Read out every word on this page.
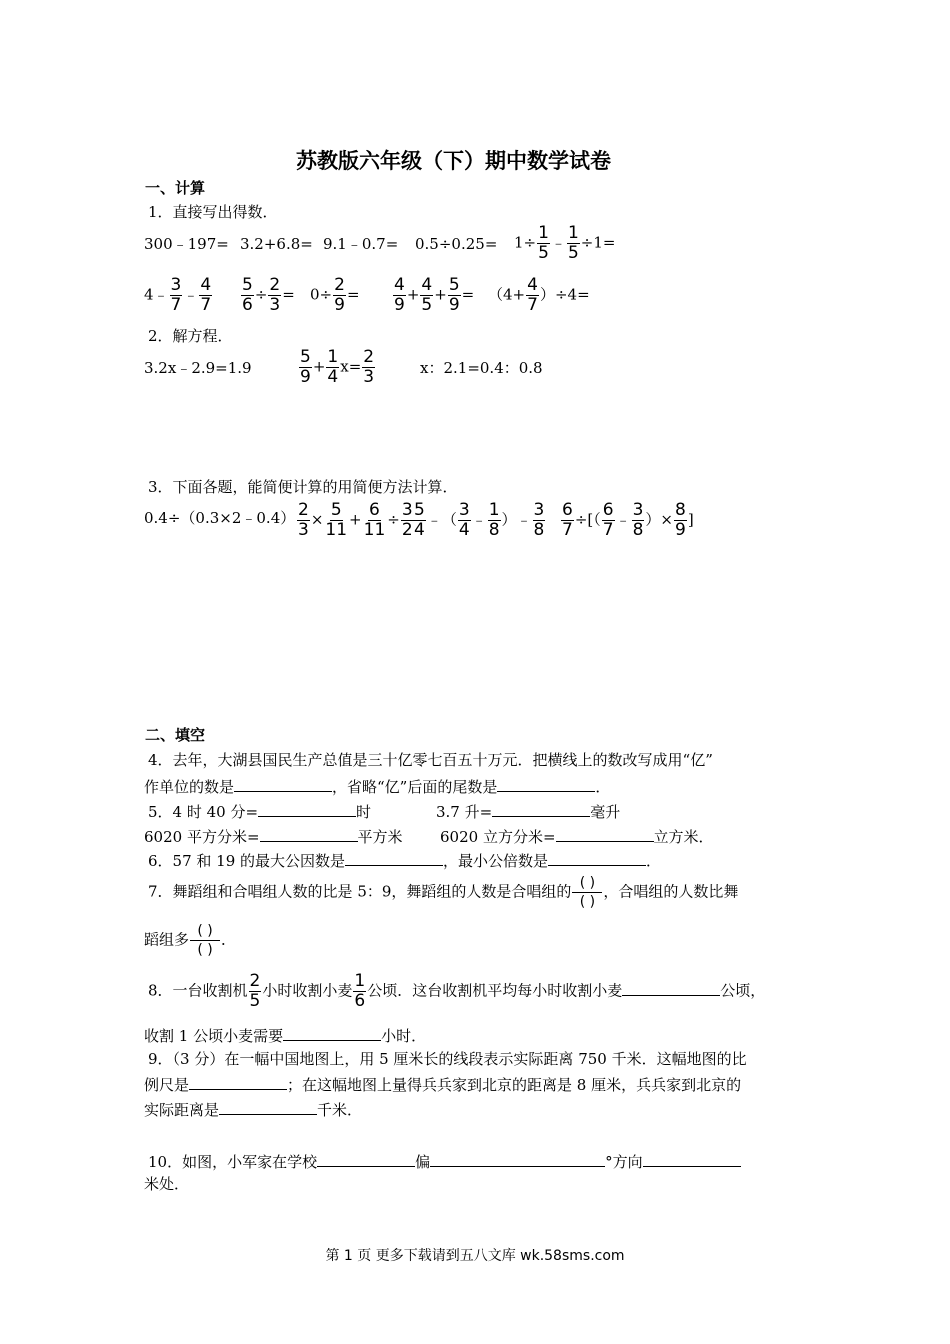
苏教版六年级（下）期中数学试卷
一、计算
1．直接写出得数．
300﹣197= 3.2+6.8= 9.1﹣0.7= $0.5\div 0.25= 1\div \frac{1}{5}$ ﹣ $\frac{1}{5} \div 1=$
4﹣ $\frac{3}{7}$ ﹣ $\frac{4}{7} \frac{5}{6} \div \frac{2}{3} = 0\div \frac{2}{9} = \frac{4}{9} + \frac{4}{5} + \frac{5}{9} = (4+ \frac{4}{7} )\div 4=$
2．解方程．
3.2x﹣2.9=1.9	$\frac{5}{9} + \frac{1}{4} x= \frac{2}{3}$	x：2.1=0.4：0.8
3．下面各题，能简便计算的用简便方法计算．
0.4÷（0.3×2﹣0.4） $\frac{2}{3} \times \frac{5}{11} + \frac{6}{11} \div \frac{3}{2} \frac{5}{4}$ ﹣（ $\frac{3}{4}$ ﹣ $\frac{1}{8}$ ）﹣ $\frac{3}{8} \frac{6}{7}$ ÷[（ $\frac{6}{7}$ ﹣ $\frac{3}{8}$ ）× $\frac{8}{9}$ ]
二、填空
4．去年，大湖县国民生产总值是三十亿零七百五十万元．把横线上的数改写成用“亿”
作单位的数是	，省略“亿”后面的尾数是	．
5．4 时 40 分=	时	3.7 升=	毫升
6020 平方分米=	平方米 6020 立方分米=	立方米．
6．57 和 19 的最大公因数是	，最小公倍数是	．
7．舞蹈组和合唱组人数的比是 5：9，舞蹈组的人数是合唱组的 $\frac{( )}{( )}$ ，合唱组的人数比舞
蹈组多 $\frac{( )}{( )}$ ．
8．一台收割机 $\frac{2}{5}$ 小时收割小麦 $\frac{1}{6}$ 公顷．这台收割机平均每小时收割小麦	公顷，
收割 1 公顷小麦需要	小时．
9．（3 分）在一幅中国地图上，用 5 厘米长的线段表示实际距离 750 千米．这幅地图的比
例尺是	；在这幅地图上量得兵兵家到北京的距离是 8 厘米，兵兵家到北京的
实际距离是	千米．
10．如图，小军家在学校	偏	°方向
米处．
第 1 页 更多下载请到五八文库 wk.58sms.com
